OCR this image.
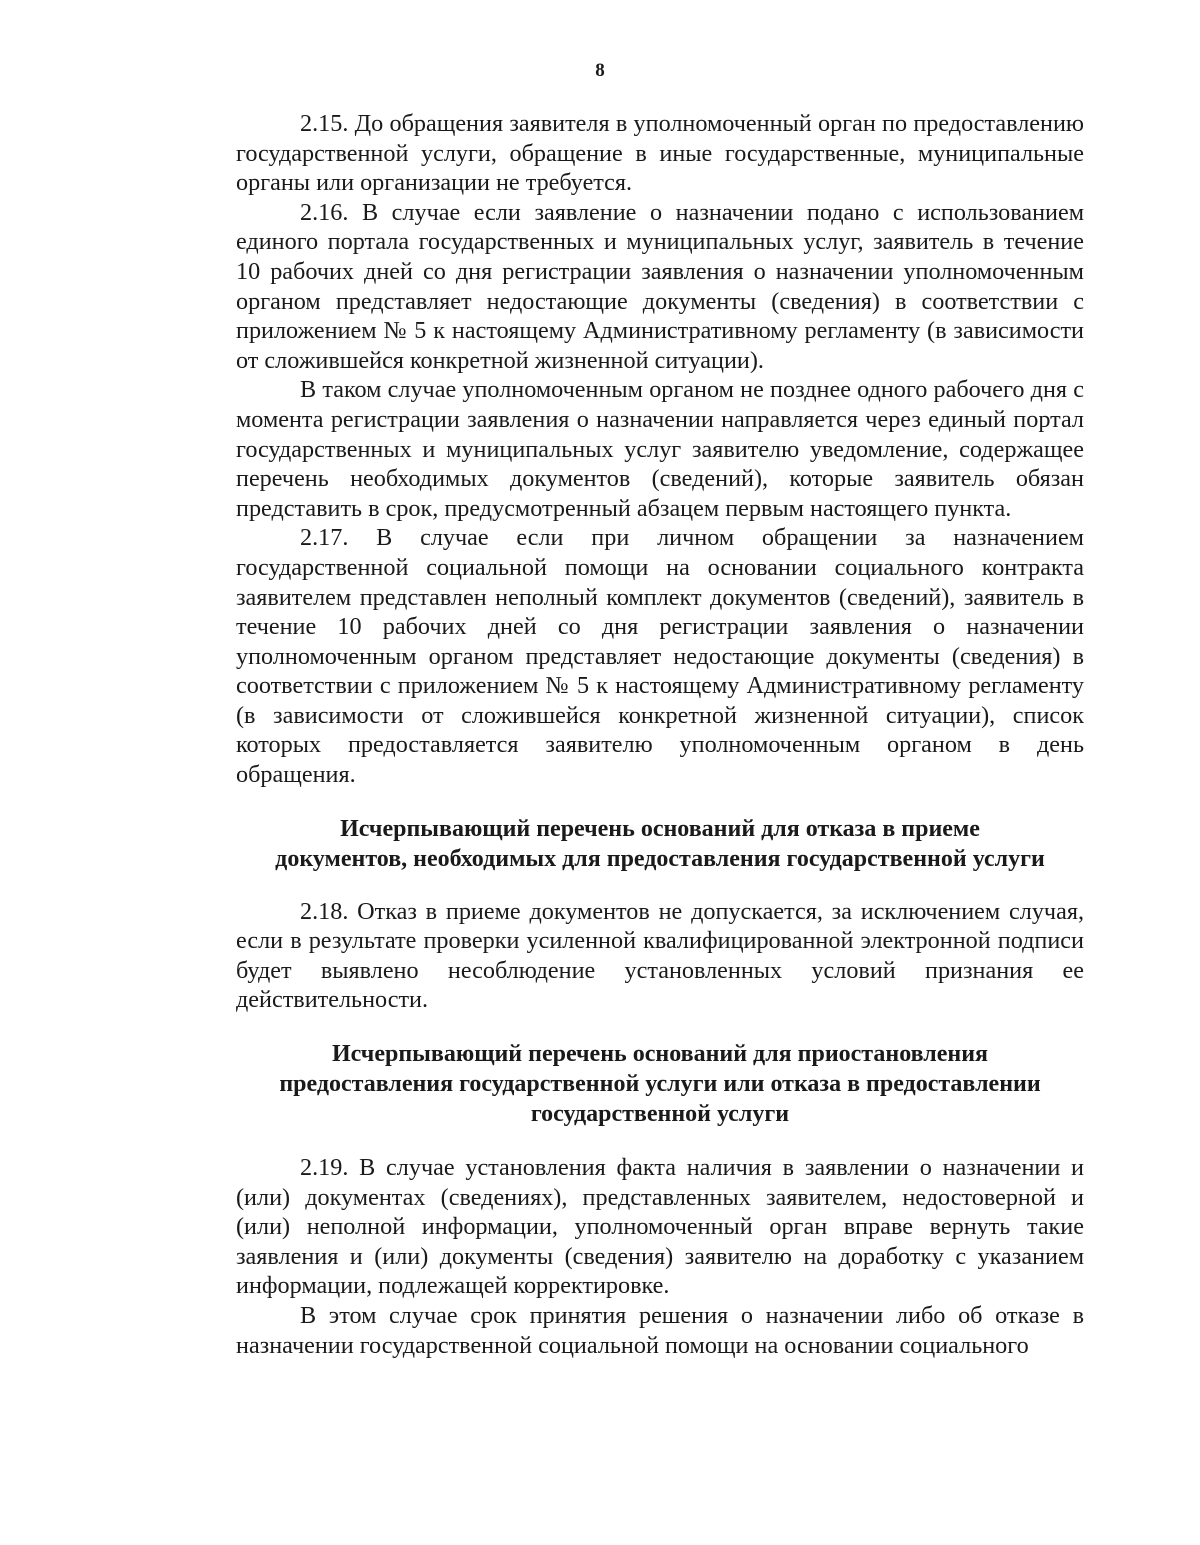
8

2.15. До обращения заявителя в уполномоченный орган по предоставлению государственной услуги, обращение в иные государственные, муниципальные органы или организации не требуется.

2.16. В случае если заявление о назначении подано с использованием единого портала государственных и муниципальных услуг, заявитель в течение 10 рабочих дней со дня регистрации заявления о назначении уполномоченным органом представляет недостающие документы (сведения) в соответствии с приложением № 5 к настоящему Административному регламенту (в зависимости от сложившейся конкретной жизненной ситуации).

В таком случае уполномоченным органом не позднее одного рабочего дня с момента регистрации заявления о назначении направляется через единый портал государственных и муниципальных услуг заявителю уведомление, содержащее перечень необходимых документов (сведений), которые заявитель обязан представить в срок, предусмотренный абзацем первым настоящего пункта.

2.17. В случае если при личном обращении за назначением государственной социальной помощи на основании социального контракта заявителем представлен неполный комплект документов (сведений), заявитель в течение 10 рабочих дней со дня регистрации заявления о назначении уполномоченным органом представляет недостающие документы (сведения) в соответствии с приложением № 5 к настоящему Административному регламенту (в зависимости от сложившейся конкретной жизненной ситуации), список которых предоставляется заявителю уполномоченным органом в день обращения.

Исчерпывающий перечень оснований для отказа в приеме
документов, необходимых для предоставления государственной услуги

2.18. Отказ в приеме документов не допускается, за исключением случая, если в результате проверки усиленной квалифицированной электронной подписи будет выявлено несоблюдение установленных условий признания ее действительности.

Исчерпывающий перечень оснований для приостановления
предоставления государственной услуги или отказа в предоставлении
государственной услуги

2.19. В случае установления факта наличия в заявлении о назначении и (или) документах (сведениях), представленных заявителем, недостоверной и (или) неполной информации, уполномоченный орган вправе вернуть такие заявления и (или) документы (сведения) заявителю на доработку с указанием информации, подлежащей корректировке.

В этом случае срок принятия решения о назначении либо об отказе в назначении государственной социальной помощи на основании социального
